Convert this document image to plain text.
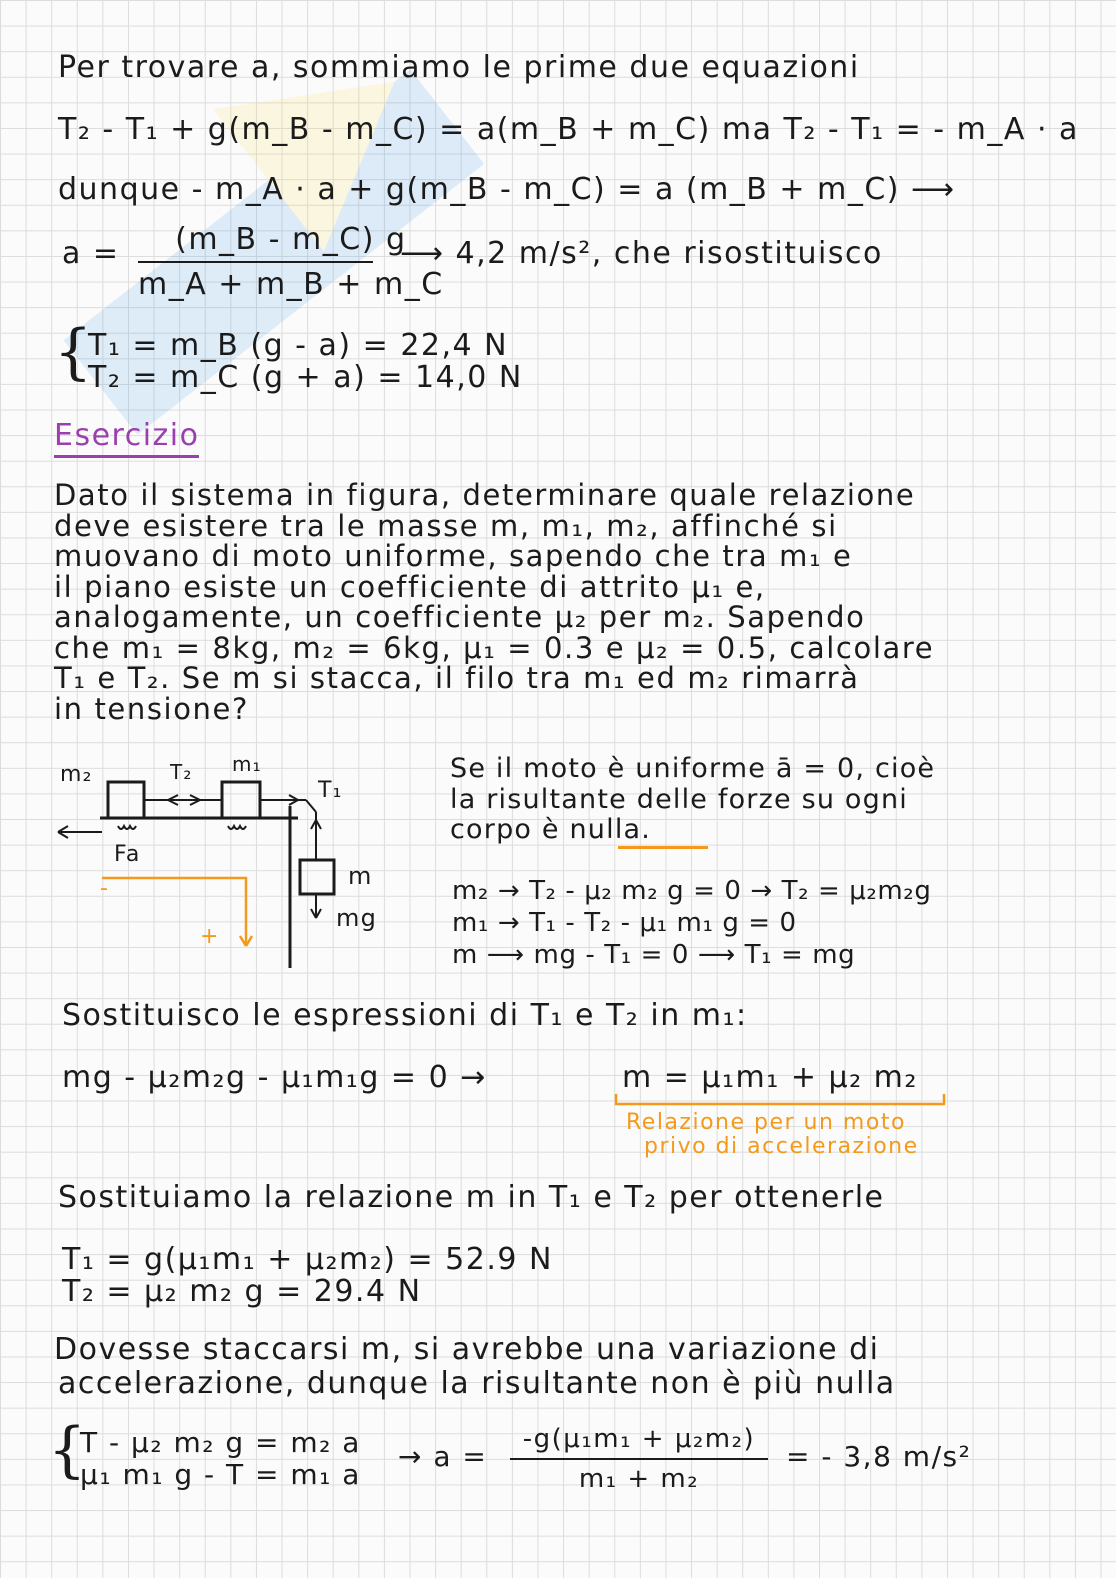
Per trovare a, sommiamo le prime due equazioni
T₂ - T₁ + g(m_B - m_C) = a(m_B + m_C) ma T₂ - T₁ = - m_A · a
dunque - m_A · a + g(m_B - m_C) = a (m_B + m_C) ⟶
a =	(m_B - m_C) g
m_A + m_B + m_C
⟶ 4,2 m/s², che risostituisco
{
T₁ = m_B (g - a) = 22,4 N
T₂ = m_C (g + a) = 14,0 N
Esercizio
Dato il sistema in figura, determinare quale relazione
deve esistere tra le masse m, m₁, m₂, affinché si
muovano di moto uniforme, sapendo che tra m₁ e
il piano esiste un coefficiente di attrito μ₁ e,
analogamente, un coefficiente μ₂ per m₂. Sapendo
che m₁ = 8kg, m₂ = 6kg, μ₁ = 0.3 e μ₂ = 0.5, calcolare
T₁ e T₂. Se m si stacca, il filo tra m₁ ed m₂ rimarrà
in tensione?
m₂	T₂ m₁
T₁
Fa
m
mg
-
+
Se il moto è uniforme ā = 0, cioè
la risultante delle forze su ogni
corpo è nulla.
m₂ → T₂ - μ₂ m₂ g = 0 → T₂ = μ₂m₂g
m₁ → T₁ - T₂ - μ₁ m₁ g = 0
m ⟶ mg - T₁ = 0 ⟶ T₁ = mg
Sostituisco le espressioni di T₁ e T₂ in m₁:
mg - μ₂m₂g - μ₁m₁g = 0 →	m = μ₁m₁ + μ₂ m₂
Relazione per un moto
privo di accelerazione
Sostituiamo la relazione m in T₁ e T₂ per ottenerle
T₁ = g(μ₁m₁ + μ₂m₂) = 52.9 N
T₂ = μ₂ m₂ g = 29.4 N
Dovesse staccarsi m, si avrebbe una variazione di
accelerazione, dunque la risultante non è più nulla
{
T - μ₂ m₂ g = m₂ a
μ₁ m₁ g - T = m₁ a
→ a =
-g(μ₁m₁ + μ₂m₂)
m₁ + m₂
= - 3,8 m/s²
